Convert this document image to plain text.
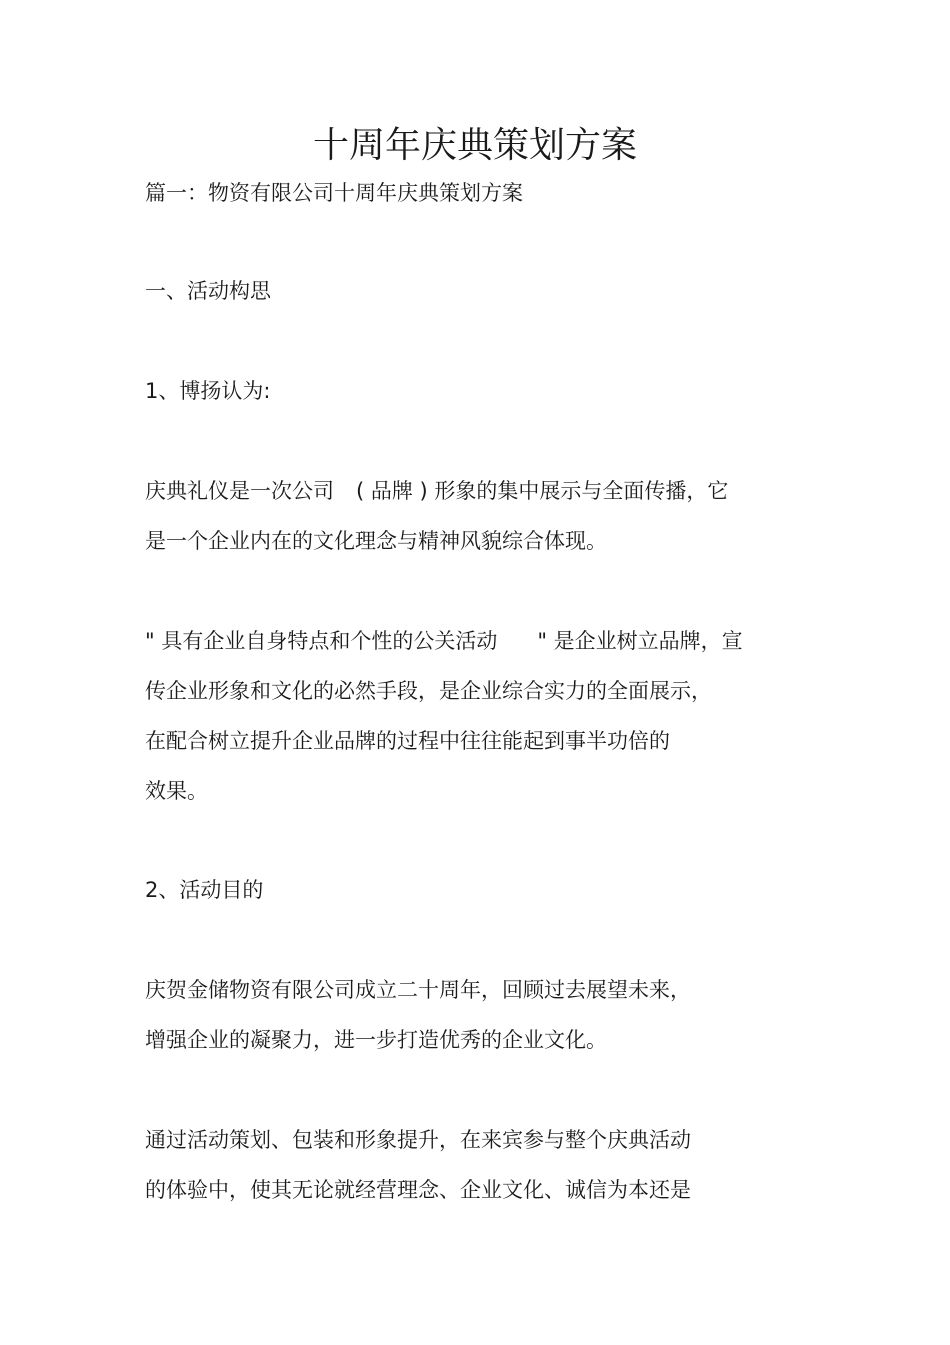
十周年庆典策划方案
篇一：物资有限公司十周年庆典策划方案
一、活动构思
1、博扬认为:
庆典礼仪是一次公司 ( 品牌 ) 形象的集中展示与全面传播，它
是一个企业内在的文化理念与精神风貌综合体现。
" 具有企业自身特点和个性的公关活动 " 是企业树立品牌，宣
传企业形象和文化的必然手段，是企业综合实力的全面展示，
在配合树立提升企业品牌的过程中往往能起到事半功倍的
效果。
2、活动目的
庆贺金储物资有限公司成立二十周年，回顾过去展望未来，
增强企业的凝聚力，进一步打造优秀的企业文化。
通过活动策划、包装和形象提升，在来宾参与整个庆典活动
的体验中，使其无论就经营理念、企业文化、诚信为本还是
